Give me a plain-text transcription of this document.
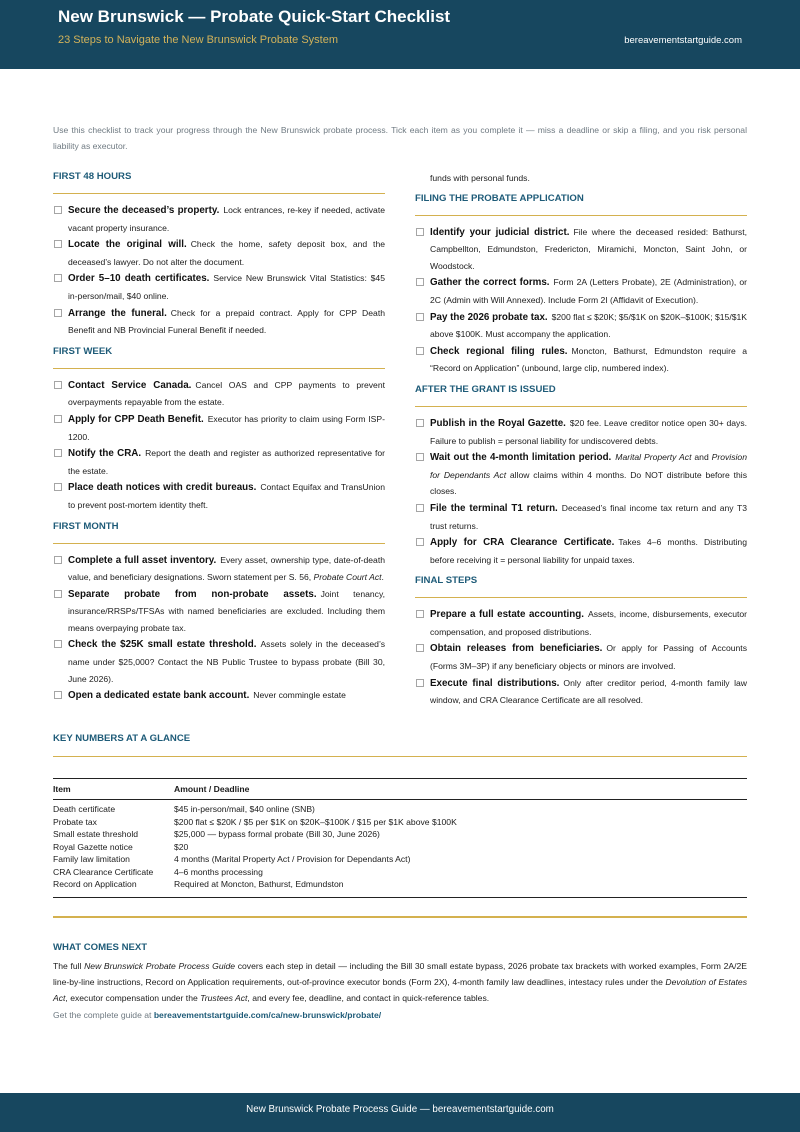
New Brunswick — Probate Quick-Start Checklist
23 Steps to Navigate the New Brunswick Probate System	bereavementstartguide.com
Use this checklist to track your progress through the New Brunswick probate process. Tick each item as you complete it — miss a deadline or skip a filing, and you risk personal liability as executor.
FIRST 48 HOURS
Secure the deceased’s property. Lock entrances, re-key if needed, activate vacant property insurance.
Locate the original will. Check the home, safety deposit box, and the deceased’s lawyer. Do not alter the document.
Order 5–10 death certificates. Service New Brunswick Vital Statistics: $45 in-person/mail, $40 online.
Arrange the funeral. Check for a prepaid contract. Apply for CPP Death Benefit and NB Provincial Funeral Benefit if needed.
FIRST WEEK
Contact Service Canada. Cancel OAS and CPP payments to prevent overpayments repayable from the estate.
Apply for CPP Death Benefit. Executor has priority to claim using Form ISP-1200.
Notify the CRA. Report the death and register as authorized representative for the estate.
Place death notices with credit bureaus. Contact Equifax and TransUnion to prevent post-mortem identity theft.
FIRST MONTH
Complete a full asset inventory. Every asset, ownership type, date-of-death value, and beneficiary designations. Sworn statement per S. 56, Probate Court Act.
Separate probate from non-probate assets. Joint tenancy, insurance/RRSPs/TFSAs with named beneficiaries are excluded. Including them means overpaying probate tax.
Check the $25K small estate threshold. Assets solely in the deceased’s name under $25,000? Contact the NB Public Trustee to bypass probate (Bill 30, June 2026).
Open a dedicated estate bank account. Never commingle estate
funds with personal funds.
FILING THE PROBATE APPLICATION
Identify your judicial district. File where the deceased resided: Bathurst, Campbellton, Edmundston, Fredericton, Miramichi, Moncton, Saint John, or Woodstock.
Gather the correct forms. Form 2A (Letters Probate), 2E (Administration), or 2C (Admin with Will Annexed). Include Form 2I (Affidavit of Execution).
Pay the 2026 probate tax. $200 flat ≤ $20K; $5/$1K on $20K–$100K; $15/$1K above $100K. Must accompany the application.
Check regional filing rules. Moncton, Bathurst, Edmundston require a “Record on Application” (unbound, large clip, numbered index).
AFTER THE GRANT IS ISSUED
Publish in the Royal Gazette. $20 fee. Leave creditor notice open 30+ days. Failure to publish = personal liability for undiscovered debts.
Wait out the 4-month limitation period. Marital Property Act and Provision for Dependants Act allow claims within 4 months. Do NOT distribute before this closes.
File the terminal T1 return. Deceased’s final income tax return and any T3 trust returns.
Apply for CRA Clearance Certificate. Takes 4–6 months. Distributing before receiving it = personal liability for unpaid taxes.
FINAL STEPS
Prepare a full estate accounting. Assets, income, disbursements, executor compensation, and proposed distributions.
Obtain releases from beneficiaries. Or apply for Passing of Accounts (Forms 3M–3P) if any beneficiary objects or minors are involved.
Execute final distributions. Only after creditor period, 4-month family law window, and CRA Clearance Certificate are all resolved.
KEY NUMBERS AT A GLANCE
Item	Amount / Deadline
Death certificate	$45 in-person/mail, $40 online (SNB)
Probate tax	$200 flat ≤ $20K / $5 per $1K on $20K–$100K / $15 per $1K above $100K
Small estate threshold	$25,000 — bypass formal probate (Bill 30, June 2026)
Royal Gazette notice	$20
Family law limitation	4 months (Marital Property Act / Provision for Dependants Act)
CRA Clearance Certificate	4–6 months processing
Record on Application	Required at Moncton, Bathurst, Edmundston
WHAT COMES NEXT
The full New Brunswick Probate Process Guide covers each step in detail — including the Bill 30 small estate bypass, 2026 probate tax brackets with worked examples, Form 2A/2E line-by-line instructions, Record on Application requirements, out-of-province executor bonds (Form 2X), 4-month family law deadlines, intestacy rules under the Devolution of Estates Act, executor compensation under the Trustees Act, and every fee, deadline, and contact in quick-reference tables.
Get the complete guide at bereavementstartguide.com/ca/new-brunswick/probate/
New Brunswick Probate Process Guide — bereavementstartguide.com
